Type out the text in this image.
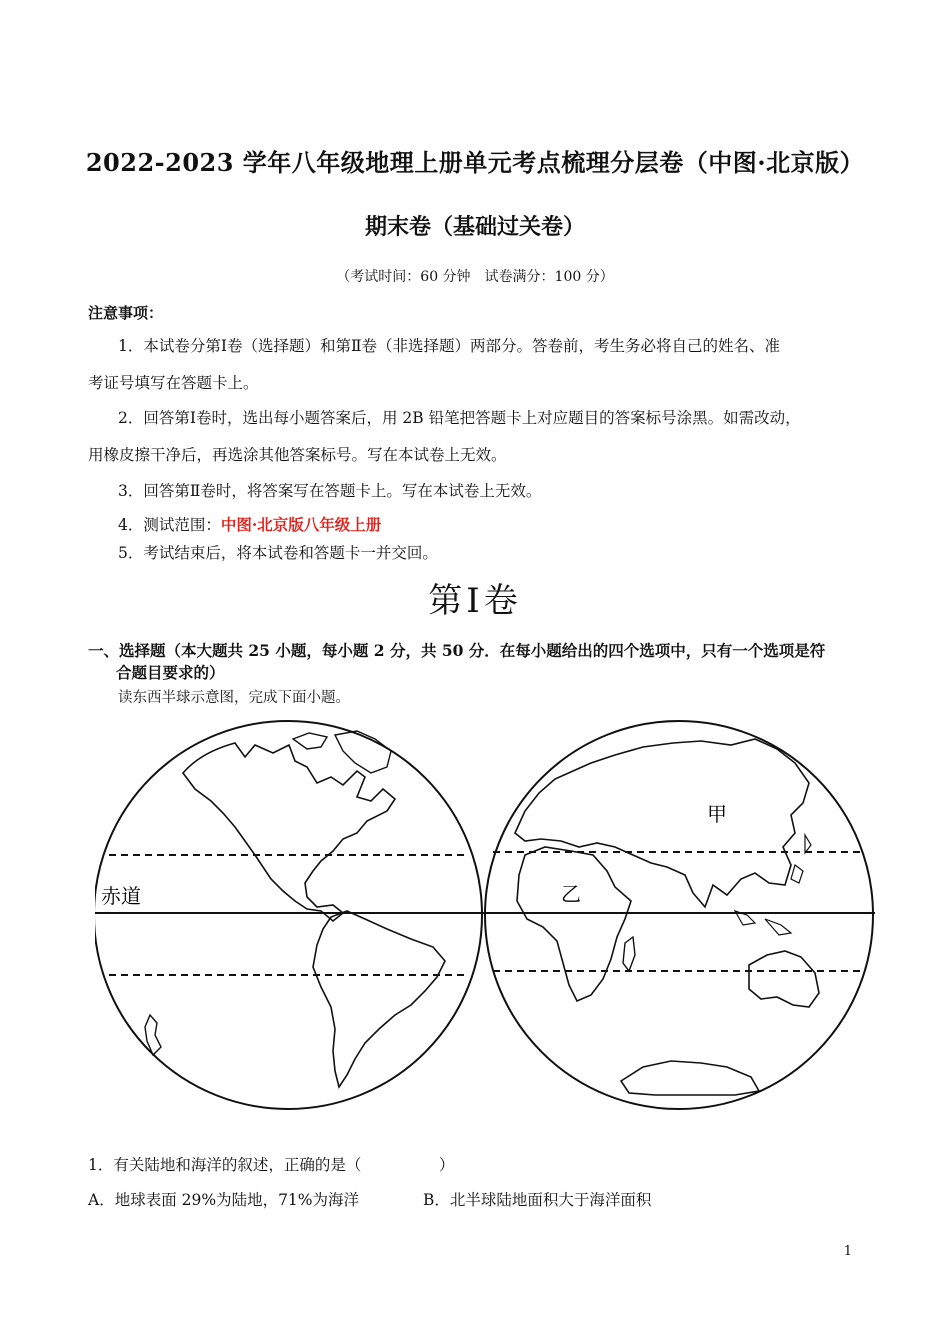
2022-2023 学年八年级地理上册单元考点梳理分层卷（中图·北京版）
期末卷（基础过关卷）
（考试时间：60 分钟　试卷满分：100 分）
注意事项：
1．本试卷分第Ⅰ卷（选择题）和第Ⅱ卷（非选择题）两部分。答卷前，考生务必将自己的姓名、准
考证号填写在答题卡上。
2．回答第Ⅰ卷时，选出每小题答案后，用 2B 铅笔把答题卡上对应题目的答案标号涂黑。如需改动，
用橡皮擦干净后，再选涂其他答案标号。写在本试卷上无效。
3．回答第Ⅱ卷时，将答案写在答题卡上。写在本试卷上无效。
4．测试范围：中图·北京版八年级上册
5．考试结束后，将本试卷和答题卡一并交回。
第Ⅰ卷
一、选择题（本大题共 25 小题，每小题 2 分，共 50 分．在每小题给出的四个选项中，只有一个选项是符
合题目要求的）
读东西半球示意图，完成下面小题。
赤道
甲
乙
1．有关陆地和海洋的叙述，正确的是（　　　　　）
A．地球表面 29%为陆地，71%为海洋	B．北半球陆地面积大于海洋面积
1
